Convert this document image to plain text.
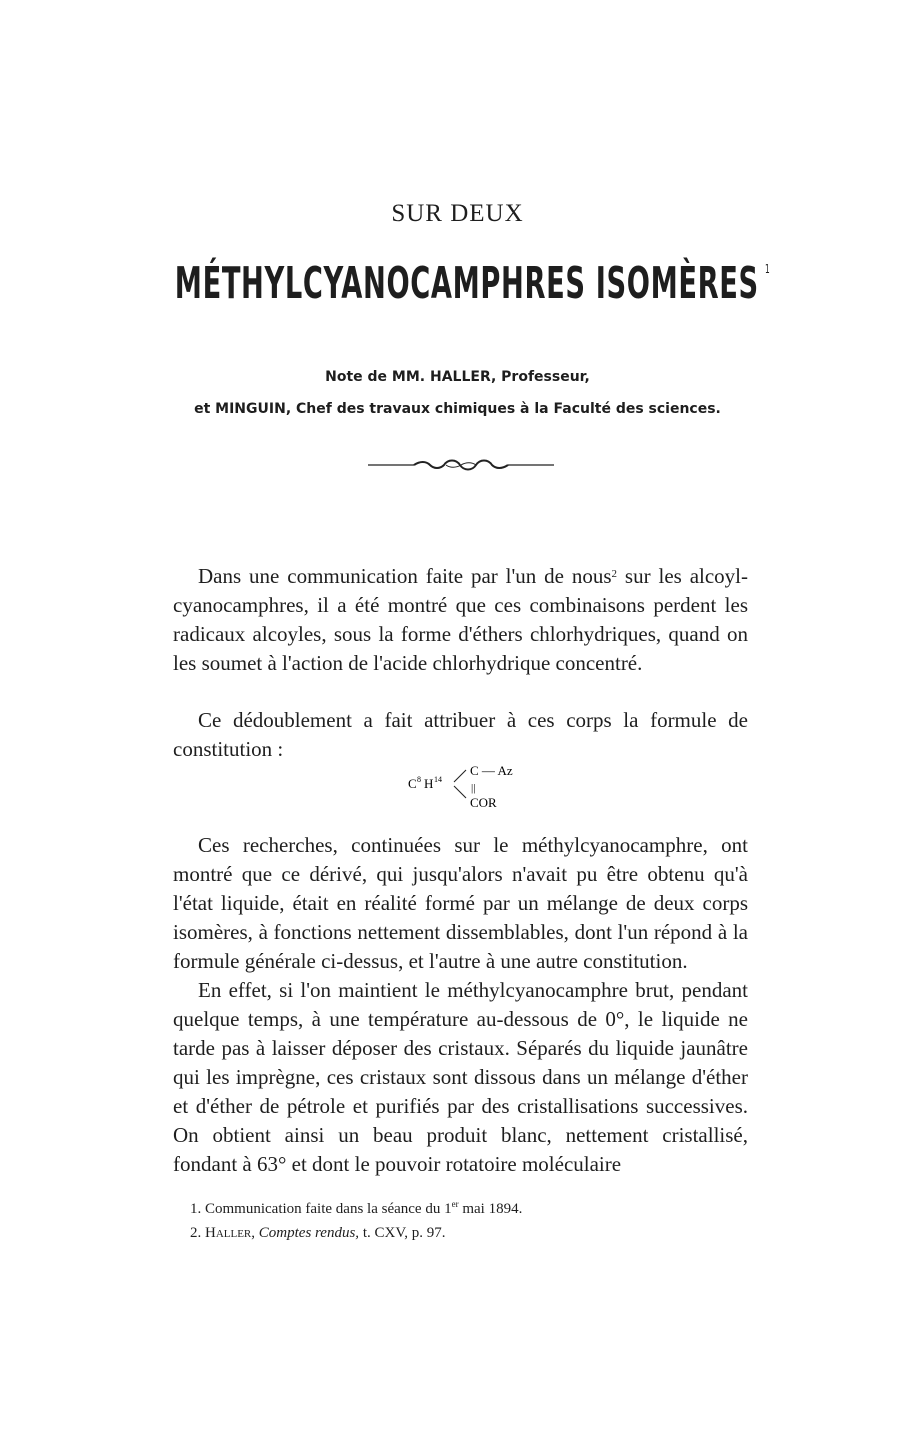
SUR DEUX
MÉTHYLCYANOCAMPHRES ISOMÈRES $^1$
Note de MM. HALLER, Professeur,
et MINGUIN, Chef des travaux chimiques à la Faculté des sciences.
Dans une communication faite par l'un de nous$^2$ sur les alcoyl-cyanocamphres, il a été montré que ces combinaisons perdent les radicaux alcoyles, sous la forme d'éthers chlorhydriques, quand on les soumet à l'action de l'acide chlorhydrique concentré.
Ce dédoublement a fait attribuer à ces corps la formule de constitution :
C 8 H 14
C — Az
||
COR
Ces recherches, continuées sur le méthylcyanocamphre, ont montré que ce dérivé, qui jusqu'alors n'avait pu être obtenu qu'à l'état liquide, était en réalité formé par un mélange de deux corps isomères, à fonctions nettement dissemblables, dont l'un répond à la formule générale ci-dessus, et l'autre à une autre constitution.
En effet, si l'on maintient le méthylcyanocamphre brut, pendant quelque temps, à une température au-dessous de 0°, le liquide ne tarde pas à laisser déposer des cristaux. Séparés du liquide jaunâtre qui les imprègne, ces cristaux sont dissous dans un mélange d'éther et d'éther de pétrole et purifiés par des cristallisations successives. On obtient ainsi un beau produit blanc, nettement cristallisé, fondant à 63° et dont le pouvoir rotatoire moléculaire
1. Communication faite dans la séance du 1er mai 1894.
2. Haller, Comptes rendus, t. CXV, p. 97.
